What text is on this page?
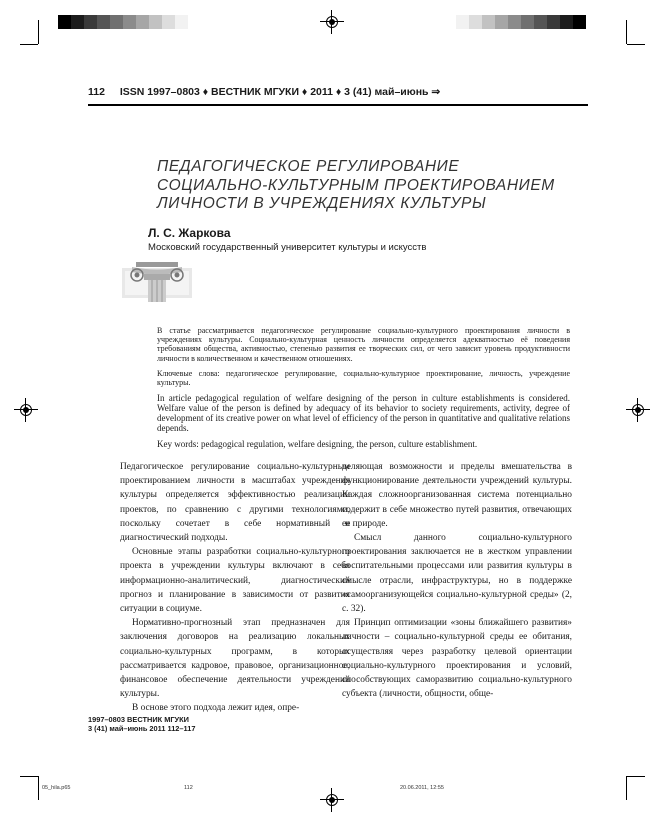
112 ISSN 1997–0803 ♦ ВЕСТНИК МГУКИ ♦ 2011 ♦ 3 (41) май–июнь ⇒
ПЕДАГОГИЧЕСКОЕ РЕГУЛИРОВАНИЕ
СОЦИАЛЬНО-КУЛЬТУРНЫМ ПРОЕКТИРОВАНИЕМ
ЛИЧНОСТИ В УЧРЕЖДЕНИЯХ КУЛЬТУРЫ
Л. С. Жаркова
Московский государственный университет культуры и искусств

В статье рассматривается педагогическое регулирование социально-культурного проектирования личности в учреждениях культуры. Социально-культурная ценность личности определяется адекватностью её поведения требованиям общества, активностью, степенью развития ее творческих сил, от чего зависит уровень продуктивности личности в количественном и качественном отношениях.

Ключевые слова: педагогическое регулирование, социально-культурное проектирование, личность, учреждение культуры.

In article pedagogical regulation of welfare designing of the person in culture establishments is considered. Welfare value of the person is defined by adequacy of its behavior to society requirements, activity, degree of development of its creative power on what level of efficiency of the person in quantitative and qualitative relations depends.

Key words: pedagogical regulation, welfare designing, the person, culture establishment.

Педагогическое регулирование социально-культурным проектированием личности в масштабах учреждения культуры определяется эффективностью реализации проектов, по сравнению с другими технологиями, поскольку сочетает в себе нормативный и диагностический подходы.

Основные этапы разработки социально-культурного проекта в учреждении культуры включают в себя информационно-аналитический, диагностический прогноз и планирование в зависимости от развития ситуации в социуме.

Нормативно-прогнозный этап предназначен для заключения договоров на реализацию локальных социально-культурных программ, в которых рассматривается кадровое, правовое, организационное, финансовое обеспечение деятельности учреждений культуры.

В основе этого подхода лежит идея, опре-

деляющая возможности и пределы вмешательства в функционирование деятельности учреждений культуры. Каждая сложноорганизованная система потенциально содержит в себе множество путей развития, отвечающих ее природе.

Смысл данного социально-культурного проектирования заключается не в жестком управлении воспитательными процессами или развития культуры в смысле отрасли, инфраструктуры, но в поддержке «самоорганизующейся социально-культурной среды» (2, с. 32).

Принцип оптимизации «зоны ближайшего развития» личности – социально-культурной среды ее обитания, осуществляя через разработку целевой ориентации социально-культурного проектирования и условий, способствующих саморазвитию социально-культурного субъекта (личности, общности, обще-

1997–0803 ВЕСТНИК МГУКИ
3 (41) май–июнь 2011 112–117
05_hila.p65	112	20.06.2011, 12:55
